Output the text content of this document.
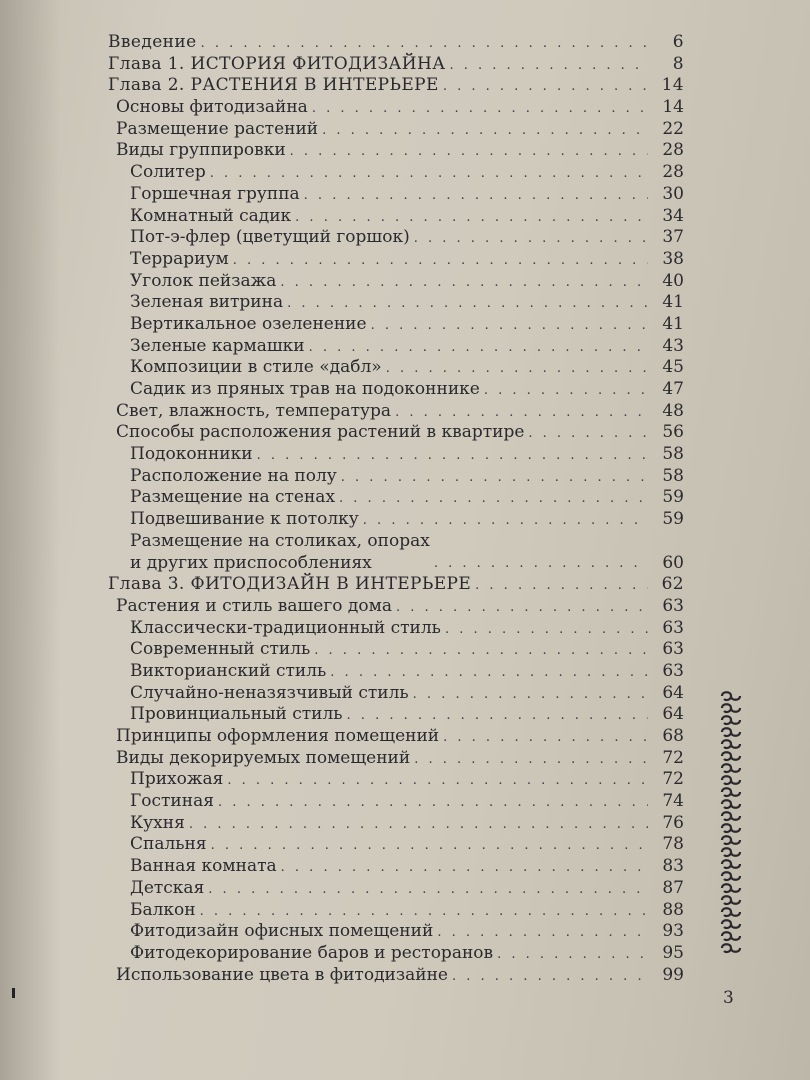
Введение . . .	6
Глава 1. ИСТОРИЯ ФИТОДИЗАЙНА . . .	8
Глава 2. РАСТЕНИЯ В ИНТЕРЬЕРЕ . . .	14
Основы фитодизайна . . .	14
Размещение растений . . .	22
Виды группировки . . .	28
Солитер . . .	28
Горшечная группа . . .	30
Комнатный садик . . .	34
Пот-э-флер (цветущий горшок) . . .	37
Террариум . . .	38
Уголок пейзажа . . .	40
Зеленая витрина . . .	41
Вертикальное озеленение . . .	41
Зеленые кармашки . . .	43
Композиции в стиле «дабл» . . .	45
Садик из пряных трав на подоконнике . . .	47
Свет, влажность, температура . . .	48
Способы расположения растений в квартире . . .	56
Подоконники . . .	58
Расположение на полу . . .	58
Размещение на стенах . . .	59
Подвешивание к потолку . . .	59
Размещение на столиках, опорах
и других приспособлениях . . .	60
Глава 3. ФИТОДИЗАЙН В ИНТЕРЬЕРЕ . . .	62
Растения и стиль вашего дома . . .	63
Классически-традиционный стиль . . .	63
Современный стиль . . .	63
Викторианский стиль . . .	63
Случайно-неназязчивый стиль . . .	64
Провинциальный стиль . . .	64
Принципы оформления помещений . . .	68
Виды декорируемых помещений . . .	72
Прихожая . . .	72
Гостиная . . .	74
Кухня . . .	76
Спальня . . .	78
Ванная комната . . .	83
Детская . . .	87
Балкон . . .	88
Фитодизайн офисных помещений . . .	93
Фитодекорирование баров и ресторанов . . .	95
Использование цвета в фитодизайне . . .	99
3
